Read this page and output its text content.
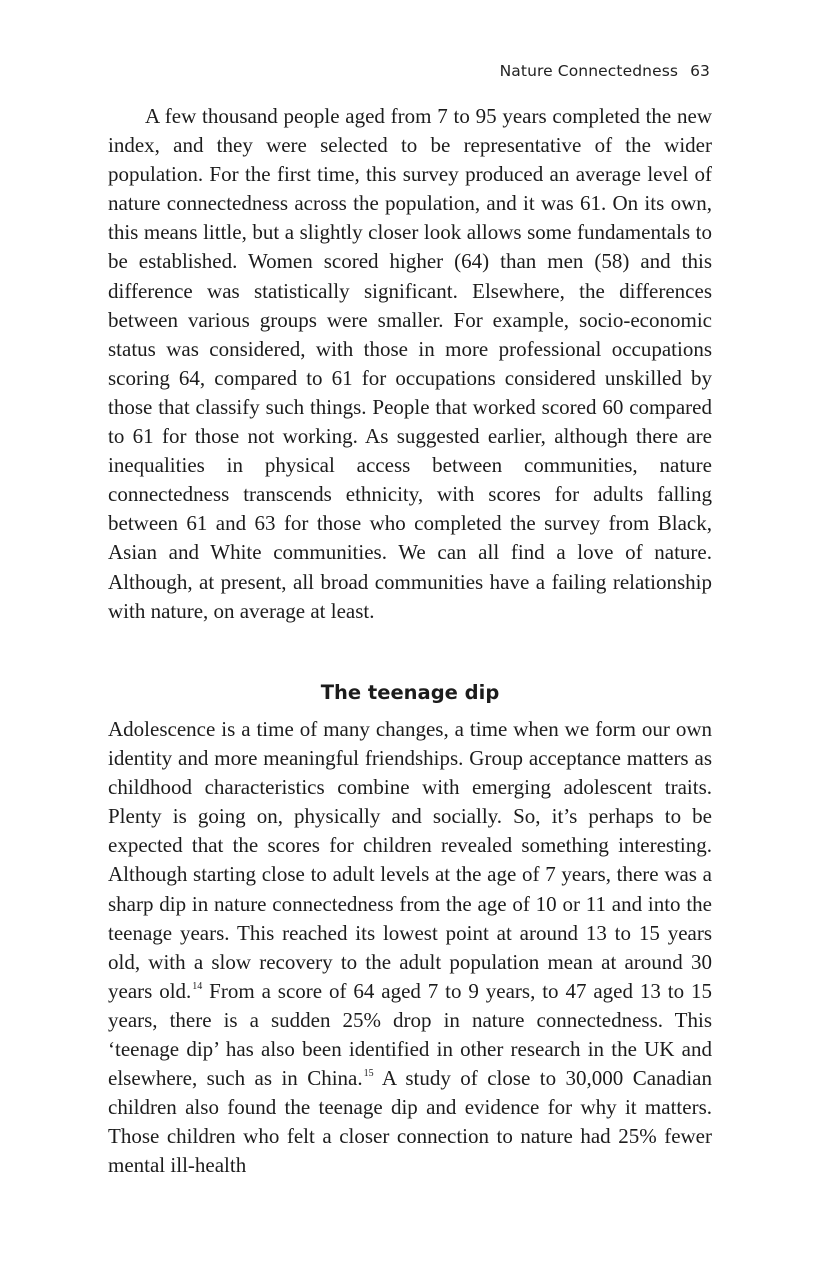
Nature Connectedness 63

A few thousand people aged from 7 to 95 years completed the new index, and they were selected to be representative of the wider population. For the first time, this survey produced an average level of nature connectedness across the population, and it was 61. On its own, this means little, but a slightly closer look allows some fundamentals to be established. Women scored higher (64) than men (58) and this difference was statistically significant. Elsewhere, the differences between various groups were smaller. For example, socio-economic status was considered, with those in more professional occupations scoring 64, compared to 61 for occupations considered unskilled by those that classify such things. People that worked scored 60 compared to 61 for those not working. As suggested earlier, although there are inequalities in physical access between communities, nature connectedness transcends ethnicity, with scores for adults falling between 61 and 63 for those who completed the survey from Black, Asian and White communities. We can all find a love of nature. Although, at present, all broad communities have a failing relationship with nature, on average at least.

The teenage dip

Adolescence is a time of many changes, a time when we form our own identity and more meaningful friendships. Group acceptance matters as childhood characteristics combine with emerging adolescent traits. Plenty is going on, physically and socially. So, it’s perhaps to be expected that the scores for children revealed something interesting. Although starting close to adult levels at the age of 7 years, there was a sharp dip in nature connectedness from the age of 10 or 11 and into the teenage years. This reached its lowest point at around 13 to 15 years old, with a slow recovery to the adult population mean at around 30 years old.$^{14}$ From a score of 64 aged 7 to 9 years, to 47 aged 13 to 15 years, there is a sudden 25% drop in nature connectedness. This ‘teenage dip’ has also been identified in other research in the UK and elsewhere, such as in China.$^{15}$ A study of close to 30,000 Canadian children also found the teenage dip and evidence for why it matters. Those children who felt a closer connection to nature had 25% fewer mental ill-health
